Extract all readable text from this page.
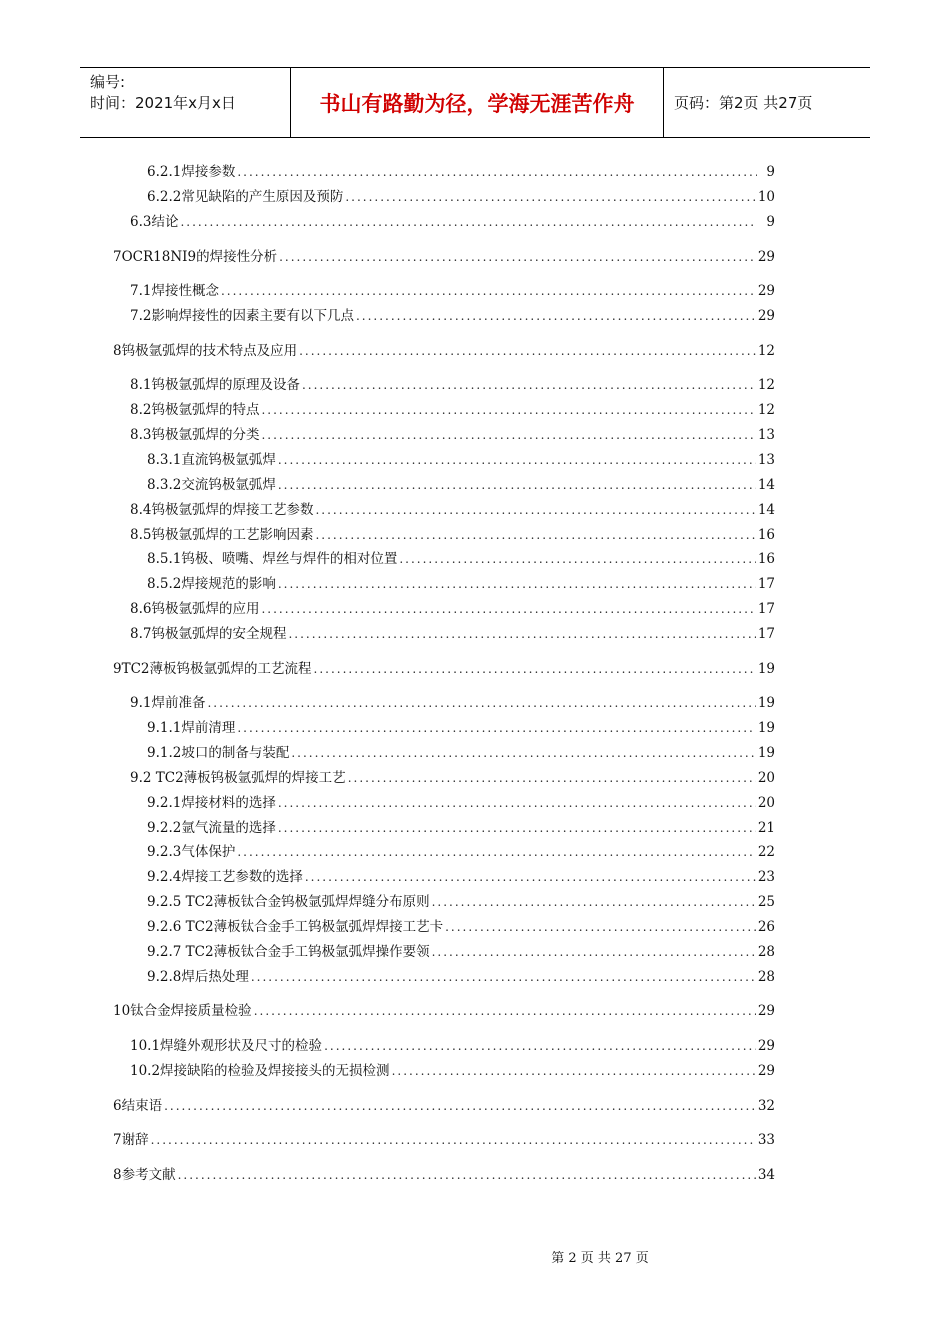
编号:
时间：2021年x月x日	书山有路勤为径，学海无涯苦作舟	页码：第2页 共27页
6.2.1焊接参数 .....	9
6.2.2常见缺陷的产生原因及预防 .....	10
6.3结论 .....	9
7OCR18NI9的焊接性分析 .....	29
7.1焊接性概念 .....	29
7.2影响焊接性的因素主要有以下几点 .....	29
8钨极氩弧焊的技术特点及应用 .....	12
8.1钨极氩弧焊的原理及设备 .....	12
8.2钨极氩弧焊的特点 .....	12
8.3钨极氩弧焊的分类 .....	13
8.3.1直流钨极氩弧焊 .....	13
8.3.2交流钨极氩弧焊 .....	14
8.4钨极氩弧焊的焊接工艺参数 .....	14
8.5钨极氩弧焊的工艺影响因素 .....	16
8.5.1钨极、喷嘴、焊丝与焊件的相对位置 .....	16
8.5.2焊接规范的影响 .....	17
8.6钨极氩弧焊的应用 .....	17
8.7钨极氩弧焊的安全规程 .....	17
9TC2薄板钨极氩弧焊的工艺流程 .....	19
9.1焊前准备 .....	19
9.1.1焊前清理 .....	19
9.1.2坡口的制备与装配 .....	19
9.2 TC2薄板钨极氩弧焊的焊接工艺 .....	20
9.2.1焊接材料的选择 .....	20
9.2.2氩气流量的选择 .....	21
9.2.3气体保护 .....	22
9.2.4焊接工艺参数的选择 .....	23
9.2.5 TC2薄板钛合金钨极氩弧焊焊缝分布原则 .....	25
9.2.6 TC2薄板钛合金手工钨极氩弧焊焊接工艺卡 .....	26
9.2.7 TC2薄板钛合金手工钨极氩弧焊操作要领 .....	28
9.2.8焊后热处理 .....	28
10钛合金焊接质量检验 .....	29
10.1焊缝外观形状及尺寸的检验 .....	29
10.2焊接缺陷的检验及焊接接头的无损检测 .....	29
6结束语 .....	32
7谢辞 .....	33
8参考文献 .....	34
第 2 页 共 27 页
